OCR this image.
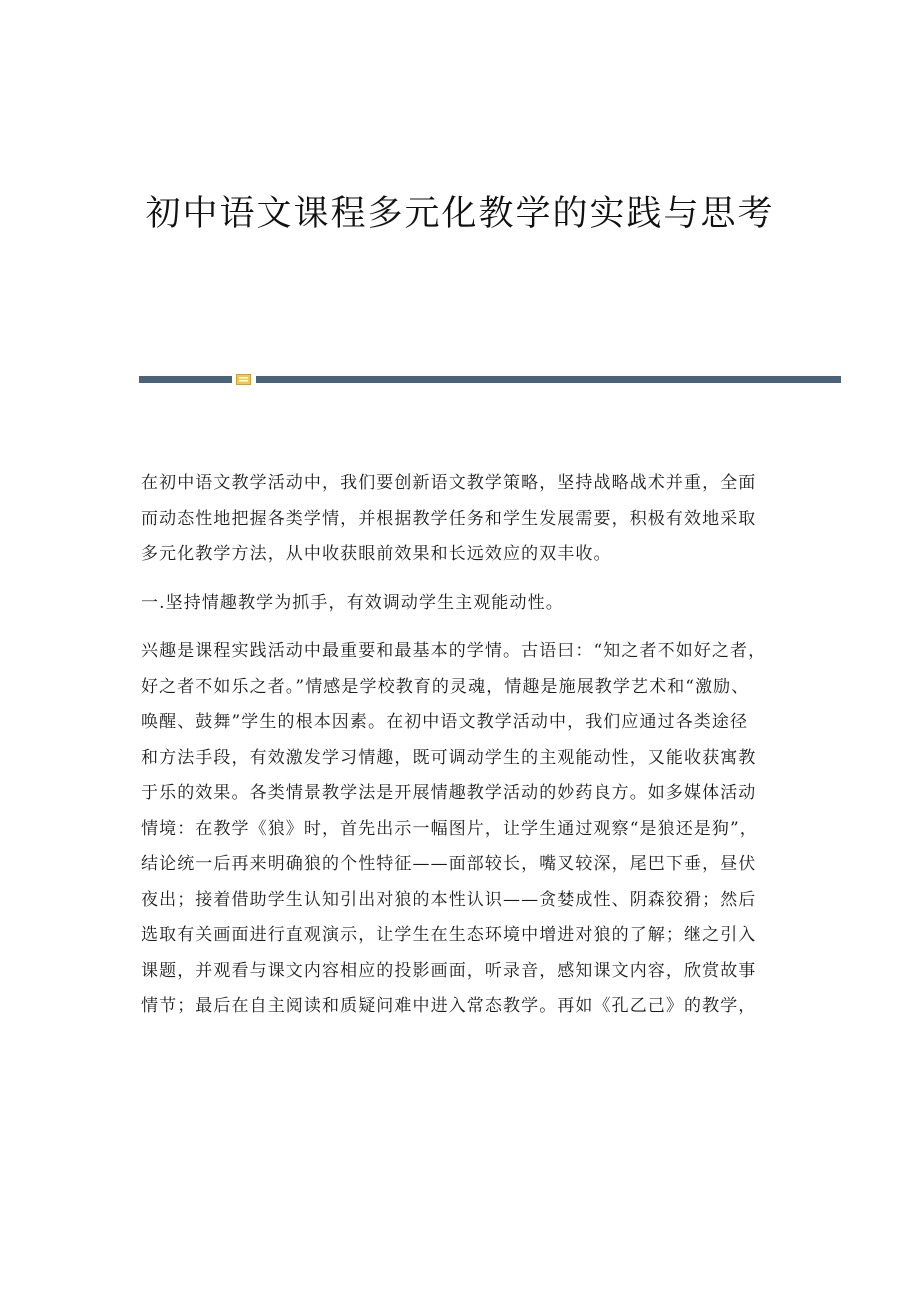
初中语文课程多元化教学的实践与思考
在初中语文教学活动中，我们要创新语文教学策略，坚持战略战术并重，全面
而动态性地把握各类学情，并根据教学任务和学生发展需要，积极有效地采取
多元化教学方法，从中收获眼前效果和长远效应的双丰收。
一.坚持情趣教学为抓手，有效调动学生主观能动性。
兴趣是课程实践活动中最重要和最基本的学情。古语曰：“知之者不如好之者，
好之者不如乐之者。”情感是学校教育的灵魂，情趣是施展教学艺术和“激励、
唤醒、鼓舞”学生的根本因素。在初中语文教学活动中，我们应通过各类途径
和方法手段，有效激发学习情趣，既可调动学生的主观能动性，又能收获寓教
于乐的效果。各类情景教学法是开展情趣教学活动的妙药良方。如多媒体活动
情境：在教学《狼》时，首先出示一幅图片，让学生通过观察“是狼还是狗”，
结论统一后再来明确狼的个性特征——面部较长，嘴叉较深，尾巴下垂，昼伏
夜出；接着借助学生认知引出对狼的本性认识——贪婪成性、阴森狡猾；然后
选取有关画面进行直观演示，让学生在生态环境中增进对狼的了解；继之引入
课题，并观看与课文内容相应的投影画面，听录音，感知课文内容，欣赏故事
情节；最后在自主阅读和质疑问难中进入常态教学。再如《孔乙己》的教学，
